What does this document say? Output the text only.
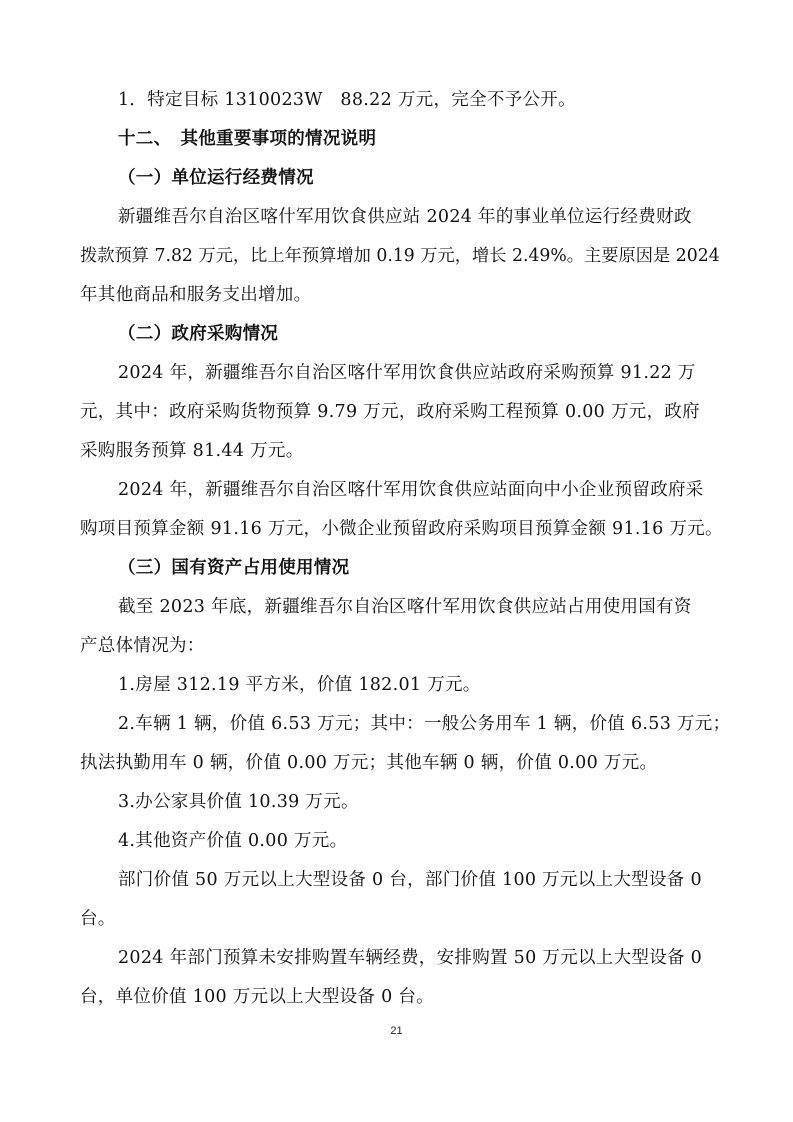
1．特定目标 1310023W　88.22 万元，完全不予公开。
十二、　其他重要事项的情况说明
（一）单位运行经费情况
新疆维吾尔自治区喀什军用饮食供应站 2024 年的事业单位运行经费财政
拨款预算 7.82 万元，比上年预算增加 0.19 万元，增长 2.49%。主要原因是 2024
年其他商品和服务支出增加。
（二）政府采购情况
2024 年，新疆维吾尔自治区喀什军用饮食供应站政府采购预算 91.22 万
元，其中：政府采购货物预算 9.79 万元，政府采购工程预算 0.00 万元，政府
采购服务预算 81.44 万元。
2024 年，新疆维吾尔自治区喀什军用饮食供应站面向中小企业预留政府采
购项目预算金额 91.16 万元，小微企业预留政府采购项目预算金额 91.16 万元。
（三）国有资产占用使用情况
截至 2023 年底，新疆维吾尔自治区喀什军用饮食供应站占用使用国有资
产总体情况为：
1.房屋 312.19 平方米，价值 182.01 万元。
2.车辆 1 辆，价值 6.53 万元；其中：一般公务用车 1 辆，价值 6.53 万元；
执法执勤用车 0 辆，价值 0.00 万元；其他车辆 0 辆，价值 0.00 万元。
3.办公家具价值 10.39 万元。
4.其他资产价值 0.00 万元。
部门价值 50 万元以上大型设备 0 台，部门价值 100 万元以上大型设备 0
台。
2024 年部门预算未安排购置车辆经费，安排购置 50 万元以上大型设备 0
台，单位价值 100 万元以上大型设备 0 台。
21
